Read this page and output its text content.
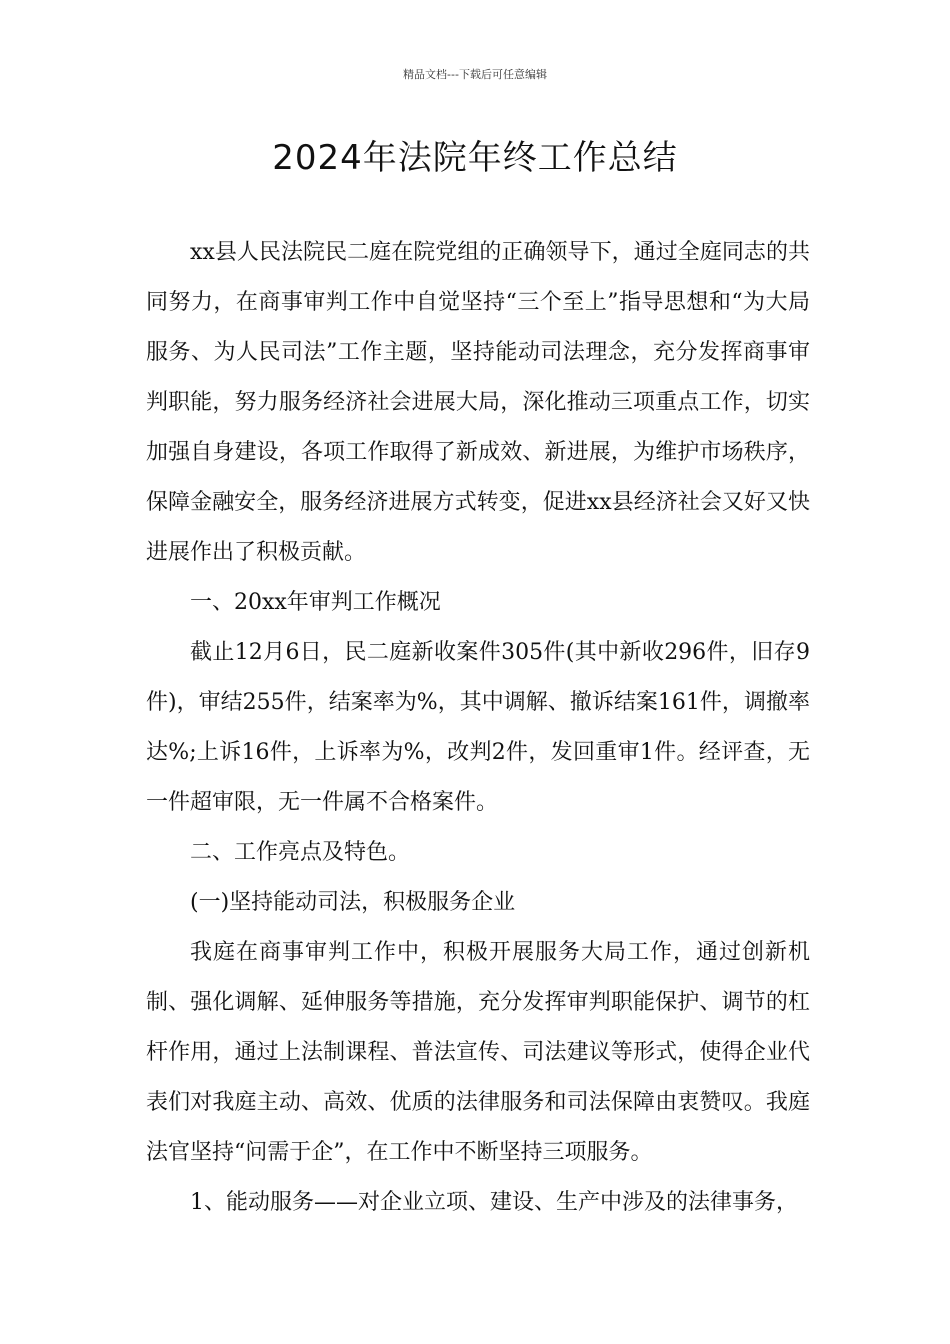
精品文档---下载后可任意编辑
2024年法院年终工作总结

xx县人民法院民二庭在院党组的正确领导下，通过全庭同志的共同努力，在商事审判工作中自觉坚持“三个至上”指导思想和“为大局服务、为人民司法”工作主题，坚持能动司法理念，充分发挥商事审判职能，努力服务经济社会进展大局，深化推动三项重点工作，切实加强自身建设，各项工作取得了新成效、新进展，为维护市场秩序，保障金融安全，服务经济进展方式转变，促进xx县经济社会又好又快进展作出了积极贡献。

一、20xx年审判工作概况

截止12月6日，民二庭新收案件305件(其中新收296件，旧存9件)，审结255件，结案率为%，其中调解、撤诉结案161件，调撤率达%;上诉16件，上诉率为%，改判2件，发回重审1件。经评查，无一件超审限，无一件属不合格案件。

二、工作亮点及特色。

(一)坚持能动司法，积极服务企业

我庭在商事审判工作中，积极开展服务大局工作，通过创新机制、强化调解、延伸服务等措施，充分发挥审判职能保护、调节的杠杆作用，通过上法制课程、普法宣传、司法建议等形式，使得企业代表们对我庭主动、高效、优质的法律服务和司法保障由衷赞叹。我庭法官坚持“问需于企”，在工作中不断坚持三项服务。

1、能动服务——对企业立项、建设、生产中涉及的法律事务，
